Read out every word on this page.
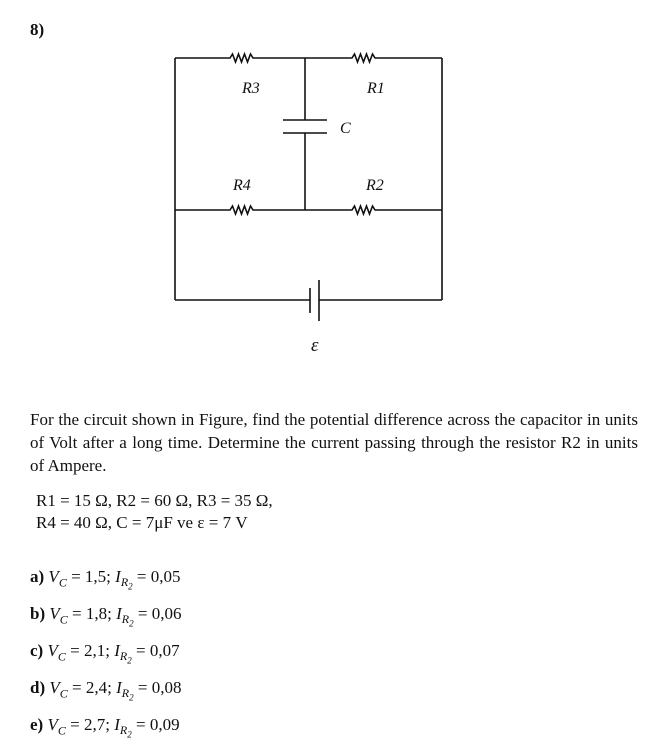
8)
R3	R1
C
R4	R2
ε
For the circuit shown in Figure, find the potential difference across the capacitor in units of Volt after a long time. Determine the current passing through the resistor R2 in units of Ampere.
R1 = 15 Ω, R2 = 60 Ω, R3 = 35 Ω,
R4 = 40 Ω, C = 7μF ve ε = 7 V
a) $V_C = 1,5$; $I_{R_2} = 0,05$
b) $V_C = 1,8$; $I_{R_2} = 0,06$
c) $V_C = 2,1$; $I_{R_2} = 0,07$
d) $V_C = 2,4$; $I_{R_2} = 0,08$
e) $V_C = 2,7$; $I_{R_2} = 0,09$
